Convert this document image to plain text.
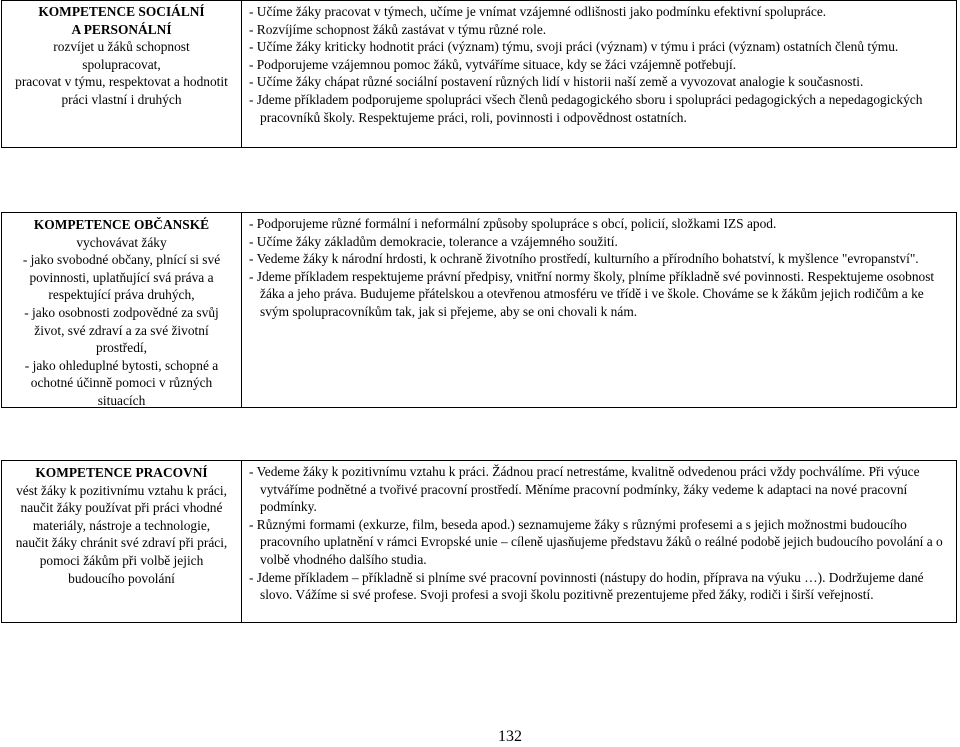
KOMPETENCE SOCIÁLNÍ
A PERSONÁLNÍ
rozvíjet u žáků schopnost
spolupracovat,
pracovat v týmu, respektovat a hodnotit
práci vlastní i druhých
- Učíme žáky pracovat v týmech, učíme je vnímat vzájemné odlišnosti jako podmínku efektivní spolupráce.
- Rozvíjíme schopnost žáků zastávat v týmu různé role.
- Učíme žáky kriticky hodnotit práci (význam) týmu, svoji práci (význam) v týmu i práci (význam) ostatních členů týmu.
- Podporujeme vzájemnou pomoc žáků, vytváříme situace, kdy se žáci vzájemně potřebují.
- Učíme žáky chápat různé sociální postavení různých lidí v historii naší země a vyvozovat analogie k současnosti.
- Jdeme příkladem podporujeme spolupráci všech členů pedagogického sboru i spolupráci pedagogických a nepedagogických pracovníků školy. Respektujeme práci, roli, povinnosti i odpovědnost ostatních.
KOMPETENCE OBČANSKÉ
vychovávat žáky
- jako svobodné občany, plnící si své
povinnosti, uplatňující svá práva a
respektující práva druhých,
- jako osobnosti zodpovědné za svůj
život, své zdraví a za své životní
prostředí,
- jako ohleduplné bytosti, schopné a
ochotné účinně pomoci v různých
situacích
- Podporujeme různé formální i neformální způsoby spolupráce s obcí, policií, složkami IZS apod.
- Učíme žáky základům demokracie, tolerance a vzájemného soužití.
- Vedeme žáky k národní hrdosti, k ochraně životního prostředí, kulturního a přírodního bohatství, k myšlence "evropanství".
- Jdeme příkladem respektujeme právní předpisy, vnitřní normy školy, plníme příkladně své povinnosti. Respektujeme osobnost žáka a jeho práva. Budujeme přátelskou a otevřenou atmosféru ve třídě i ve škole. Chováme se k žákům jejich rodičům a ke svým spolupracovníkům tak, jak si přejeme, aby se oni chovali k nám.
KOMPETENCE PRACOVNÍ
vést žáky k pozitivnímu vztahu k práci,
naučit žáky používat při práci vhodné
materiály, nástroje a technologie,
naučit žáky chránit své zdraví při práci,
pomoci žákům při volbě jejich
budoucího povolání
- Vedeme žáky k pozitivnímu vztahu k práci. Žádnou prací netrestáme, kvalitně odvedenou práci vždy pochválíme. Při výuce vytváříme podnětné a tvořivé pracovní prostředí. Měníme pracovní podmínky, žáky vedeme k adaptaci na nové pracovní podmínky.
- Různými formami (exkurze, film, beseda apod.) seznamujeme žáky s různými profesemi a s jejich možnostmi budoucího pracovního uplatnění v rámci Evropské unie – cíleně ujasňujeme představu žáků o reálné podobě jejich budoucího povolání a o volbě vhodného dalšího studia.
- Jdeme příkladem – příkladně si plníme své pracovní povinnosti (nástupy do hodin, příprava na výuku …). Dodržujeme dané slovo. Vážíme si své profese. Svoji profesi a svoji školu pozitivně prezentujeme před žáky, rodiči i širší veřejností.
132
